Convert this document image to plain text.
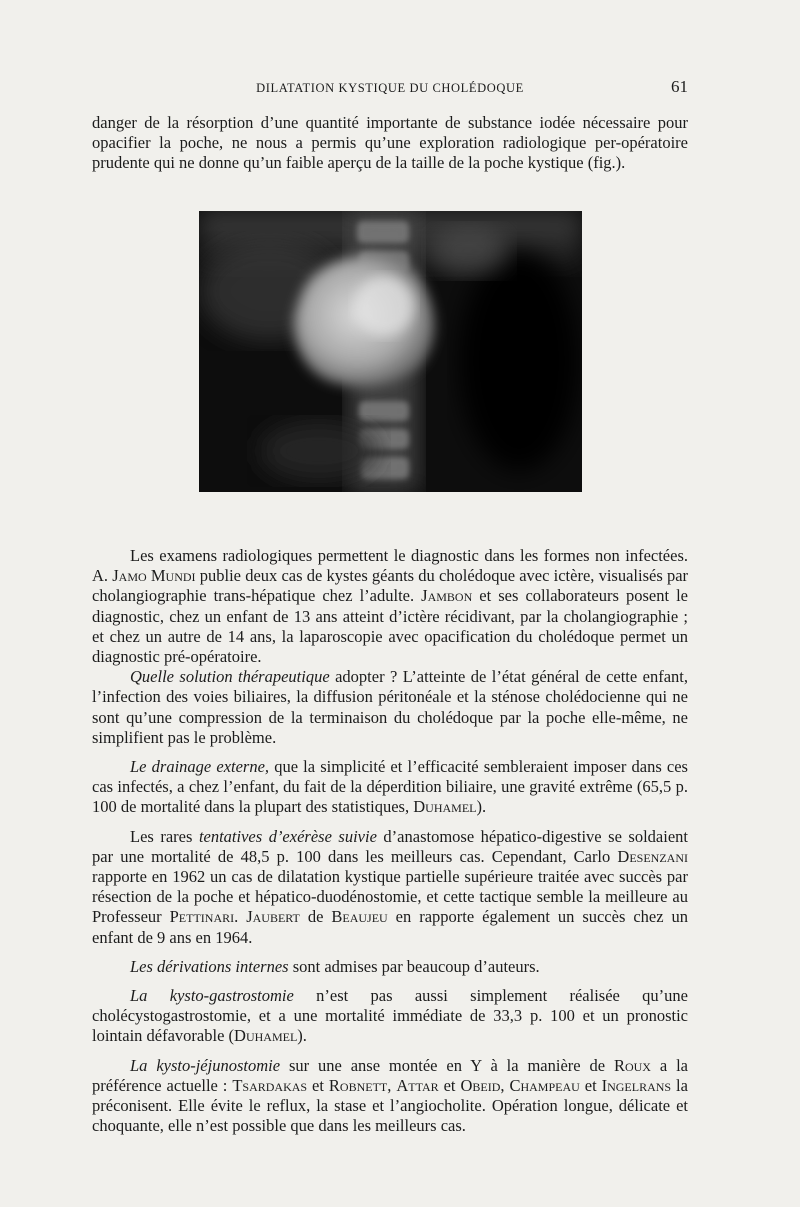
DILATATION KYSTIQUE DU CHOLÉDOQUE	61

danger de la résorption d’une quantité importante de substance iodée nécessaire pour opacifier la poche, ne nous a permis qu’une exploration radiologique per-opératoire prudente qui ne donne qu’un faible aperçu de la taille de la poche kystique (fig.).

Les examens radiologiques permettent le diagnostic dans les formes non infectées. A. Jamo Mundi publie deux cas de kystes géants du cholédoque avec ictère, visualisés par cholangiographie trans-hépatique chez l’adulte. Jambon et ses collaborateurs posent le diagnostic, chez un enfant de 13 ans atteint d’ictère récidivant, par la cholangiographie ; et chez un autre de 14 ans, la laparoscopie avec opacification du cholédoque permet un diagnostic pré-opératoire.

Quelle solution thérapeutique adopter ? L’atteinte de l’état général de cette enfant, l’infection des voies biliaires, la diffusion péritonéale et la sténose cholédocienne qui ne sont qu’une compression de la terminaison du cholédoque par la poche elle-même, ne simplifient pas le problème.

Le drainage externe, que la simplicité et l’efficacité sembleraient imposer dans ces cas infectés, a chez l’enfant, du fait de la déperdition biliaire, une gravité extrême (65,5 p. 100 de mortalité dans la plupart des statistiques, Duhamel).

Les rares tentatives d’exérèse suivie d’anastomose hépatico-digestive se soldaient par une mortalité de 48,5 p. 100 dans les meilleurs cas. Cependant, Carlo Desenzani rapporte en 1962 un cas de dilatation kystique partielle supérieure traitée avec succès par résection de la poche et hépatico-duodénostomie, et cette tactique semble la meilleure au Professeur Pettinari. Jaubert de Beaujeu en rapporte également un succès chez un enfant de 9 ans en 1964.

Les dérivations internes sont admises par beaucoup d’auteurs.

La kysto-gastrostomie n’est pas aussi simplement réalisée qu’une cholécystogastrostomie, et a une mortalité immédiate de 33,3 p. 100 et un pronostic lointain défavorable (Duhamel).

La kysto-jéjunostomie sur une anse montée en Y à la manière de Roux a la préférence actuelle : Tsardakas et Robnett, Attar et Obeid, Champeau et Ingelrans la préconisent. Elle évite le reflux, la stase et l’angiocholite. Opération longue, délicate et choquante, elle n’est possible que dans les meilleurs cas.
